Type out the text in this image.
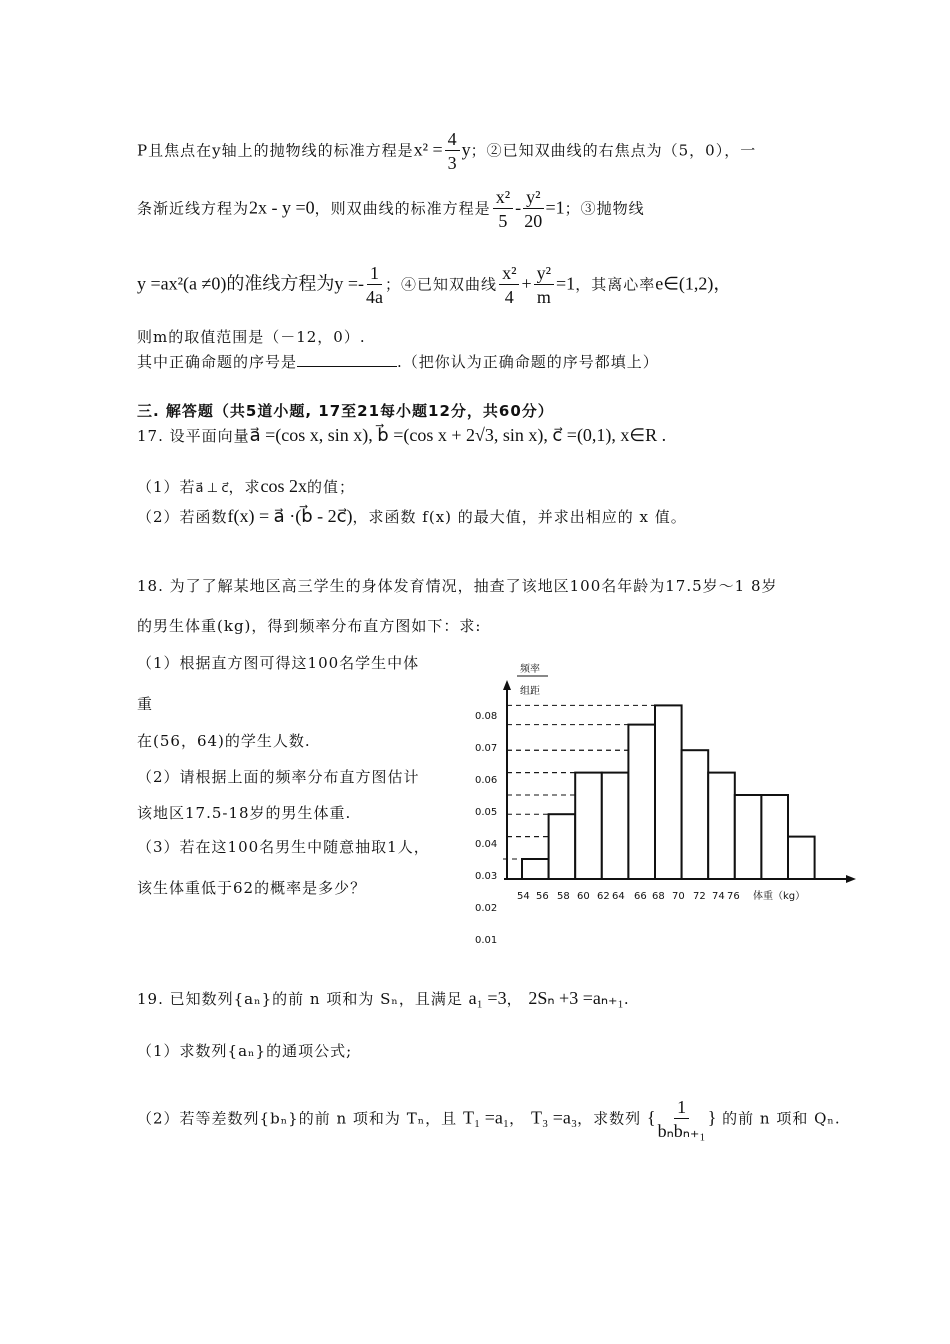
P且焦点在y轴上的抛物线的标准方程是$x^2 = \frac{4}{3}$ y；②已知双曲线的右焦点为（5，0），一
条渐近线方程为2x - y =0，则双曲线的标准方程是 $\frac{\text{x²}}{5} - \frac{\text{y²}}{20} =1$；③抛物线
y =ax²(a ≠0)的准线方程为$y =- \frac{1}{4a}$ ；④已知双曲线 $\frac{\text{x²}}{4} + \frac{\text{y²}}{m} =1$，其离心率e∈(1,2)，
则m的取值范围是（－12，0）.
其中正确命题的序号是	.（把你认为正确命题的序号都填上）
三. 解答题（共5道小题, 17至21每小题12分，共60分）
17. 设平面向量a⃗ =(cos x, sin x), b⃗ =(cos x + 2√3, sin x), c⃗ =(0,1), x∈R .
（1）若a⃗ ⊥ c⃗，求cos 2x的值；
（2）若函数f(x) = a⃗ ·(b⃗ - 2c⃗)，求函数 f(x) 的最大值，并求出相应的 x 值。
18. 为了了解某地区高三学生的身体发育情况，抽查了该地区100名年龄为17.5岁～1 8岁
的男生体重(kg)，得到频率分布直方图如下：求:
（1）根据直方图可得这100名学生中体
重
在(56，64)的学生人数.
（2）请根据上面的频率分布直方图估计
该地区17.5-18岁的男生体重.
（3）若在这100名男生中随意抽取1人，
该生体重低于62的概率是多少？
频率
组距
0.08
0.07
0.06
0.05
0.04
0.03
0.02
0.01
54 56 58 60 62 64 66 68 70 72 74 76 体重（kg）
19. 已知数列{aₙ}的前 n 项和为 Sₙ，且满足 a₁ =3， 2Sₙ +3 =aₙ₊₁.
（1）求数列{aₙ}的通项公式;
（2）若等差数列{bₙ}的前 n 项和为 Tₙ，且 T₁ =a₁， T₃ =a₃，求数列 {
1
bₙbₙ₊₁
} 的前 n 项和 Qₙ.
